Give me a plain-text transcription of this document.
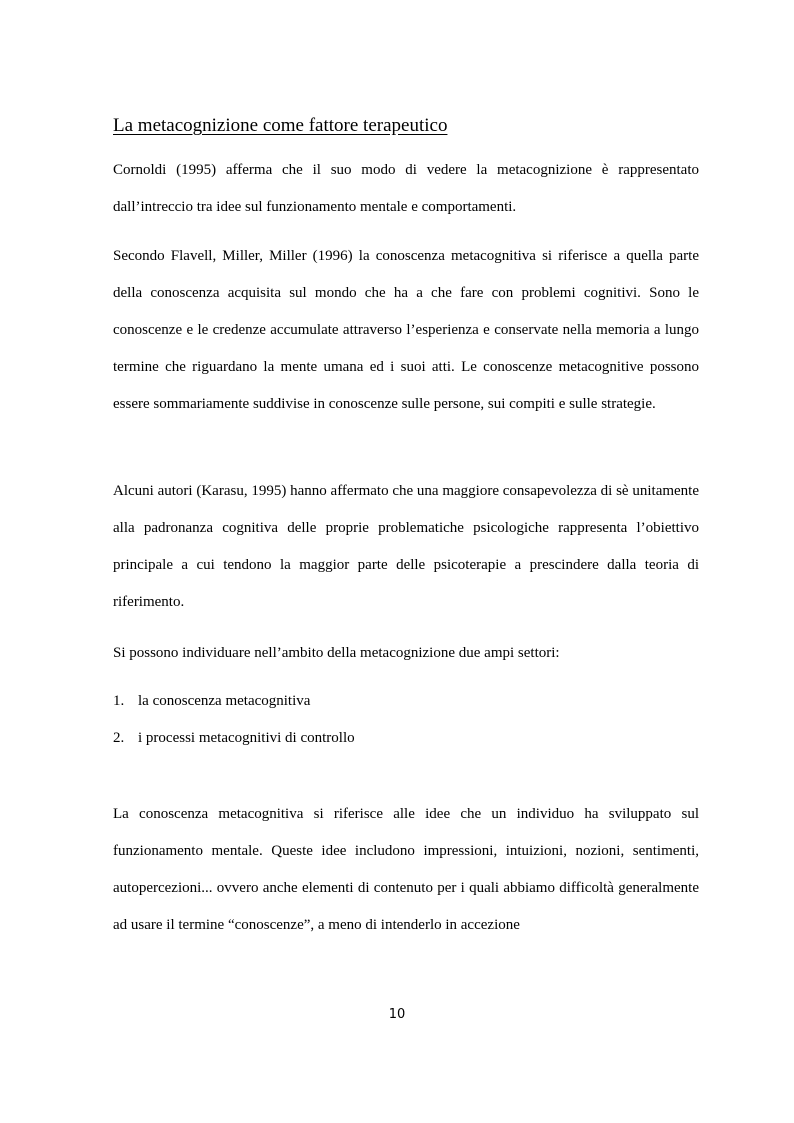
La metacognizione come fattore terapeutico

Cornoldi (1995) afferma che il suo modo di vedere la metacognizione è rappresentato dall’intreccio tra idee sul funzionamento mentale e comportamenti.

Secondo Flavell, Miller, Miller (1996) la conoscenza metacognitiva si riferisce a quella parte della conoscenza acquisita sul mondo che ha a che fare con problemi cognitivi. Sono le conoscenze e le credenze accumulate attraverso l’esperienza e conservate nella memoria a lungo termine che riguardano la mente umana ed i suoi atti. Le conoscenze metacognitive possono essere sommariamente suddivise in conoscenze sulle persone, sui compiti e sulle strategie.

Alcuni autori (Karasu, 1995) hanno affermato che una maggiore consapevolezza di sè unitamente alla padronanza cognitiva delle proprie problematiche psicologiche rappresenta l’obiettivo principale a cui tendono la maggior parte delle psicoterapie a prescindere dalla teoria di riferimento.

Si possono individuare nell’ambito della metacognizione due ampi settori:

1. la conoscenza metacognitiva
2. i processi metacognitivi di controllo

La conoscenza metacognitiva si riferisce alle idee che un individuo ha sviluppato sul funzionamento mentale. Queste idee includono impressioni, intuizioni, nozioni, sentimenti, autopercezioni... ovvero anche elementi di contenuto per i quali abbiamo difficoltà generalmente ad usare il termine “conoscenze”, a meno di intenderlo in accezione

10
